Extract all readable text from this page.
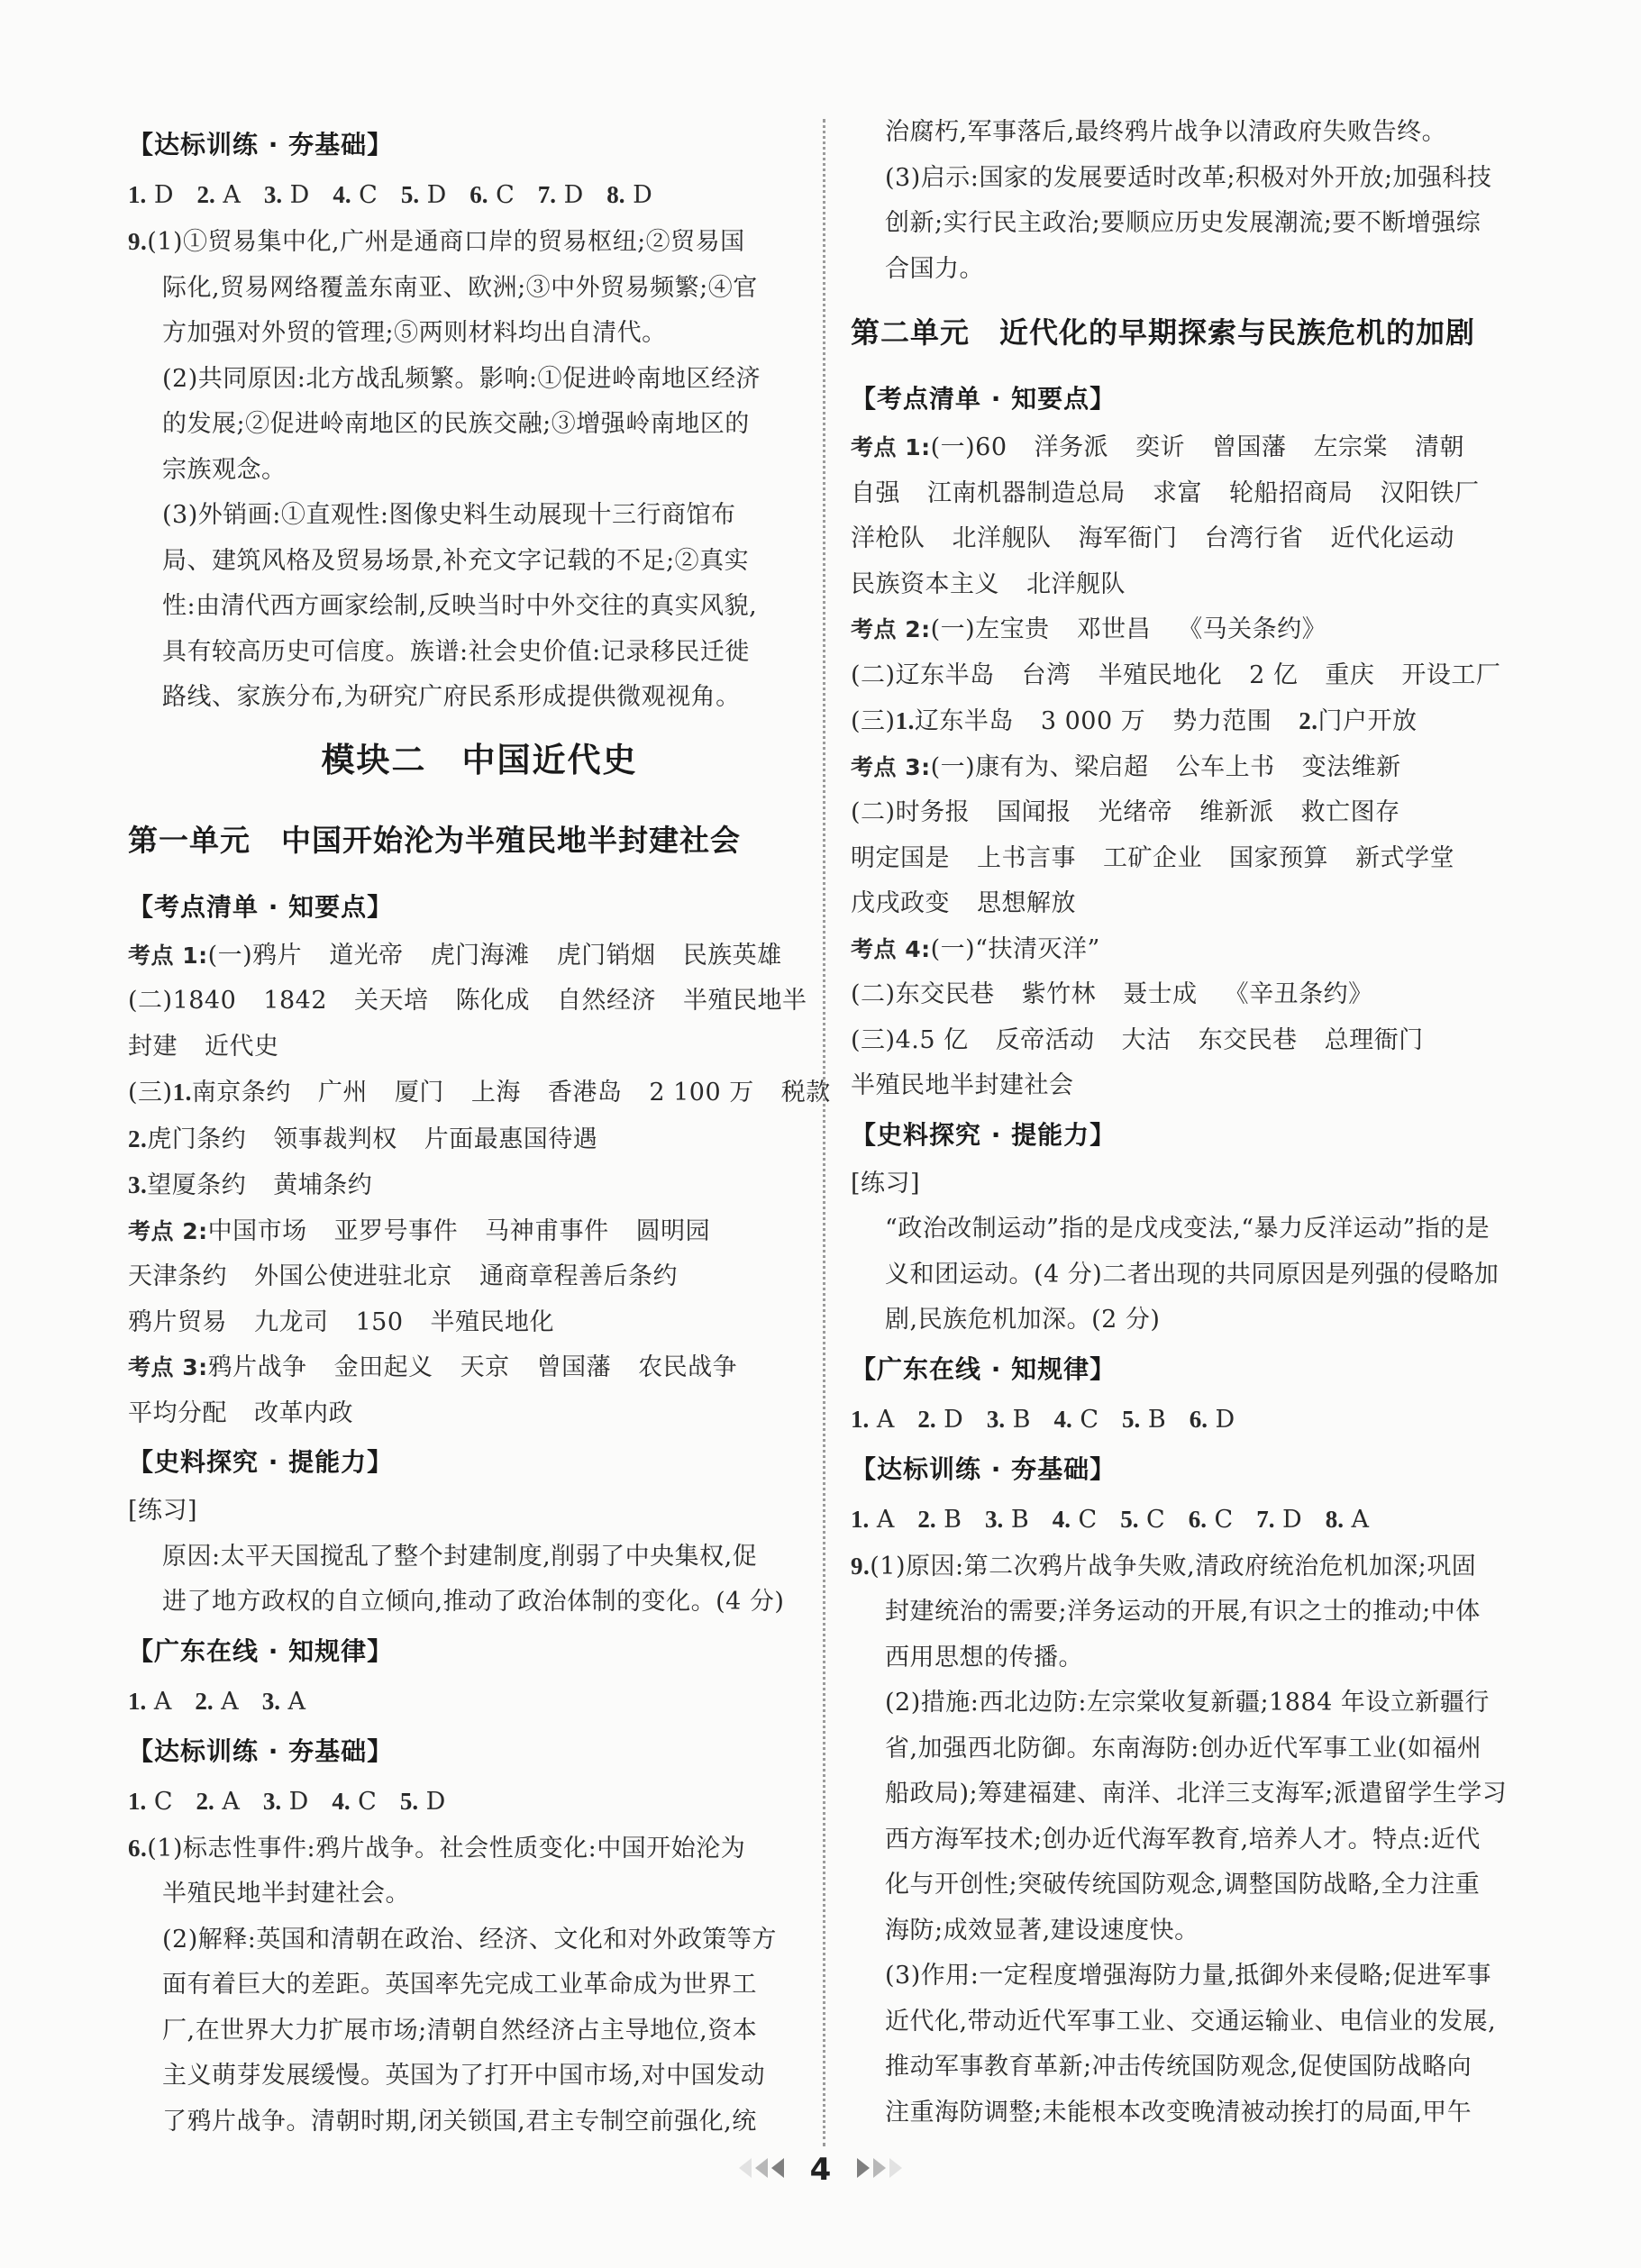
【达标训练 · 夯基础】
1. D 2. A 3. D 4. C 5. D 6. C 7. D 8. D
9.(1)①贸易集中化,广州是通商口岸的贸易枢纽;②贸易国
际化,贸易网络覆盖东南亚、欧洲;③中外贸易频繁;④官
方加强对外贸的管理;⑤两则材料均出自清代。
(2)共同原因:北方战乱频繁。影响:①促进岭南地区经济
的发展;②促进岭南地区的民族交融;③增强岭南地区的
宗族观念。
(3)外销画:①直观性:图像史料生动展现十三行商馆布
局、建筑风格及贸易场景,补充文字记载的不足;②真实
性:由清代西方画家绘制,反映当时中外交往的真实风貌,
具有较高历史可信度。族谱:社会史价值:记录移民迁徙
路线、家族分布,为研究广府民系形成提供微观视角。
模块二　中国近代史
第一单元　中国开始沦为半殖民地半封建社会
【考点清单 · 知要点】
考点 1:(一)鸦片 道光帝 虎门海滩 虎门销烟 民族英雄
(二)1840 1842 关天培 陈化成 自然经济 半殖民地半
封建 近代史
(三)1.南京条约 广州 厦门 上海 香港岛 2 100 万 税款
2.虎门条约 领事裁判权 片面最惠国待遇
3.望厦条约 黄埔条约
考点 2:中国市场 亚罗号事件 马神甫事件 圆明园
天津条约 外国公使进驻北京 通商章程善后条约
鸦片贸易 九龙司 150 半殖民地化
考点 3:鸦片战争 金田起义 天京 曾国藩 农民战争
平均分配 改革内政
【史料探究 · 提能力】
[练习]
原因:太平天国搅乱了整个封建制度,削弱了中央集权,促
进了地方政权的自立倾向,推动了政治体制的变化。(4 分)
【广东在线 · 知规律】
1. A 2. A 3. A
【达标训练 · 夯基础】
1. C 2. A 3. D 4. C 5. D
6.(1)标志性事件:鸦片战争。社会性质变化:中国开始沦为
半殖民地半封建社会。
(2)解释:英国和清朝在政治、经济、文化和对外政策等方
面有着巨大的差距。英国率先完成工业革命成为世界工
厂,在世界大力扩展市场;清朝自然经济占主导地位,资本
主义萌芽发展缓慢。英国为了打开中国市场,对中国发动
了鸦片战争。清朝时期,闭关锁国,君主专制空前强化,统
治腐朽,军事落后,最终鸦片战争以清政府失败告终。
(3)启示:国家的发展要适时改革;积极对外开放;加强科技
创新;实行民主政治;要顺应历史发展潮流;要不断增强综
合国力。
第二单元　近代化的早期探索与民族危机的加剧
【考点清单 · 知要点】
考点 1:(一)60 洋务派 奕䜣 曾国藩 左宗棠 清朝
自强 江南机器制造总局 求富 轮船招商局 汉阳铁厂
洋枪队 北洋舰队 海军衙门 台湾行省 近代化运动
民族资本主义 北洋舰队
考点 2:(一)左宝贵 邓世昌 《马关条约》
(二)辽东半岛 台湾 半殖民地化 2 亿 重庆 开设工厂
(三)1.辽东半岛 3 000 万 势力范围 2.门户开放
考点 3:(一)康有为、梁启超 公车上书 变法维新
(二)时务报 国闻报 光绪帝 维新派 救亡图存
明定国是 上书言事 工矿企业 国家预算 新式学堂
戊戌政变 思想解放
考点 4:(一)“扶清灭洋”
(二)东交民巷 紫竹林 聂士成 《辛丑条约》
(三)4.5 亿 反帝活动 大沽 东交民巷 总理衙门
半殖民地半封建社会
【史料探究 · 提能力】
[练习]
“政治改制运动”指的是戊戌变法,“暴力反洋运动”指的是
义和团运动。(4 分)二者出现的共同原因是列强的侵略加
剧,民族危机加深。(2 分)
【广东在线 · 知规律】
1. A 2. D 3. B 4. C 5. B 6. D
【达标训练 · 夯基础】
1. A 2. B 3. B 4. C 5. C 6. C 7. D 8. A
9.(1)原因:第二次鸦片战争失败,清政府统治危机加深;巩固
封建统治的需要;洋务运动的开展,有识之士的推动;中体
西用思想的传播。
(2)措施:西北边防:左宗棠收复新疆;1884 年设立新疆行
省,加强西北防御。东南海防:创办近代军事工业(如福州
船政局);筹建福建、南洋、北洋三支海军;派遣留学生学习
西方海军技术;创办近代海军教育,培养人才。特点:近代
化与开创性;突破传统国防观念,调整国防战略,全力注重
海防;成效显著,建设速度快。
(3)作用:一定程度增强海防力量,抵御外来侵略;促进军事
近代化,带动近代军事工业、交通运输业、电信业的发展,
推动军事教育革新;冲击传统国防观念,促使国防战略向
注重海防调整;未能根本改变晚清被动挨打的局面,甲午
4
